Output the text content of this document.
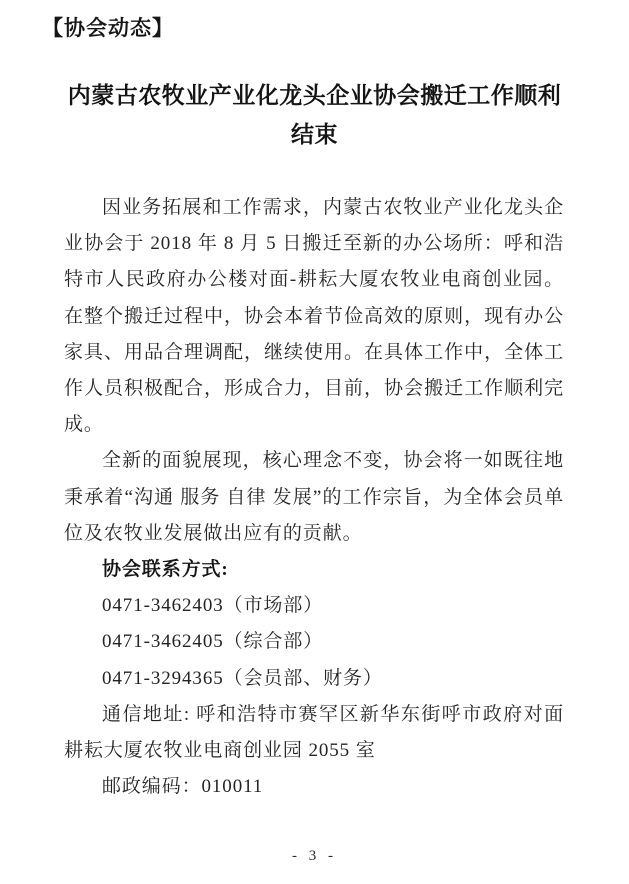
【协会动态】
内蒙古农牧业产业化龙头企业协会搬迁工作顺利
结束

因业务拓展和工作需求，内蒙古农牧业产业化龙头企业协会于 2018 年 8 月 5 日搬迁至新的办公场所：呼和浩特市人民政府办公楼对面-耕耘大厦农牧业电商创业园。在整个搬迁过程中，协会本着节俭高效的原则，现有办公家具、用品合理调配，继续使用。在具体工作中，全体工作人员积极配合，形成合力，目前，协会搬迁工作顺利完成。

全新的面貌展现，核心理念不变，协会将一如既往地秉承着“沟通 服务 自律 发展”的工作宗旨，为全体会员单位及农牧业发展做出应有的贡献。

协会联系方式:

0471-3462403（市场部）

0471-3462405（综合部）

0471-3294365（会员部、财务）

通信地址: 呼和浩特市赛罕区新华东街呼市政府对面耕耘大厦农牧业电商创业园 2055 室

邮政编码：010011

- 3 -
